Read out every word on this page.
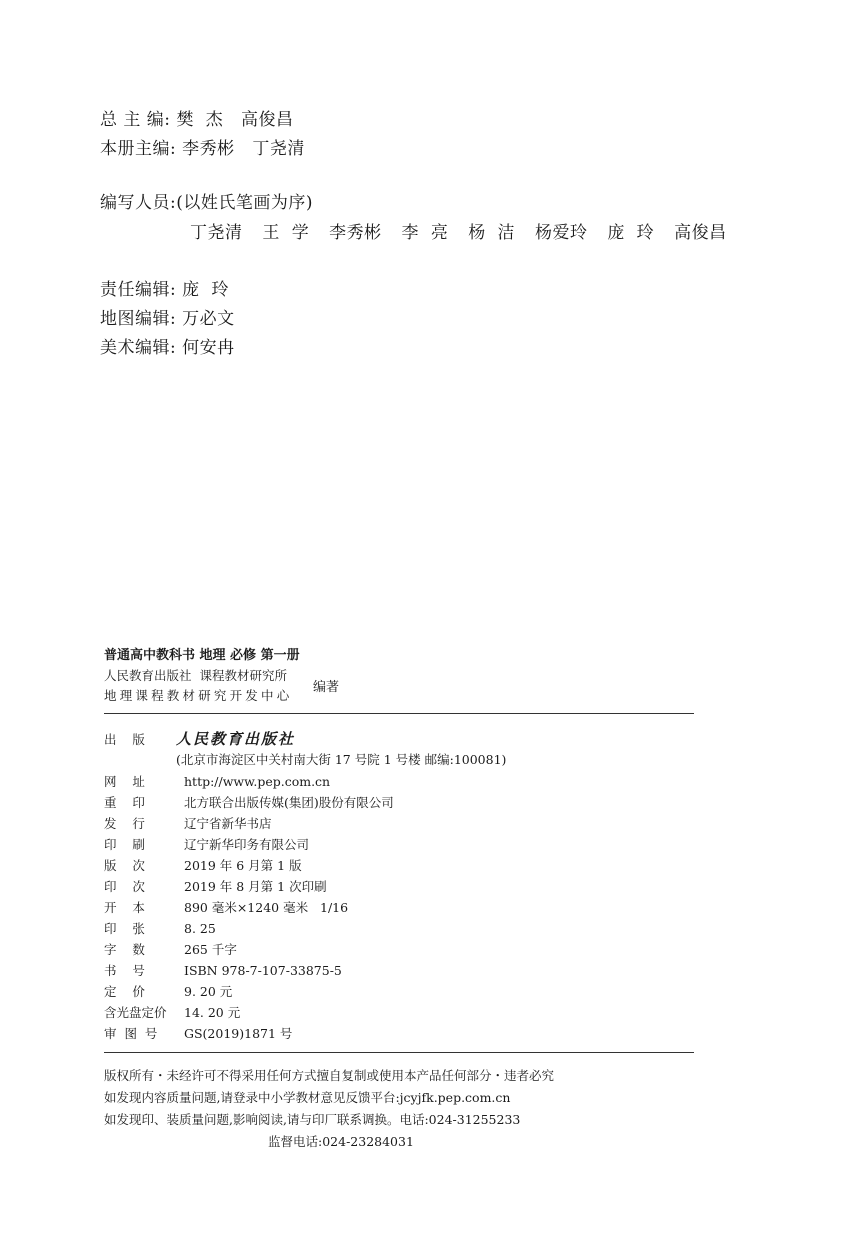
总 主 编: 樊  杰   高俊昌
本册主编: 李秀彬   丁尧清
编写人员:(以姓氏笔画为序)
丁尧清 王  学 李秀彬 李  亮 杨  洁 杨爱玲 庞  玲 高俊昌
责任编辑: 庞  玲
地图编辑: 万必文
美术编辑: 何安冉
普通高中教科书 地理 必修 第一册
人民教育出版社  课程教材研究所
地理课程教材研究开发中心
编著
出    版 人民教育出版社
(北京市海淀区中关村南大街 17 号院 1 号楼 邮编:100081)
网    址	http://www.pep.com.cn
重    印	北方联合出版传媒(集团)股份有限公司
发    行	辽宁省新华书店
印    刷	辽宁新华印务有限公司
版    次	2019 年 6 月第 1 版
印    次	2019 年 8 月第 1 次印刷
开    本	890 毫米×1240 毫米   1/16
印    张	8. 25
字    数	265 千字
书    号	ISBN 978-7-107-33875-5
定    价	9. 20 元
含光盘定价 14. 20 元
审  图  号 GS(2019)1871 号
版权所有・未经许可不得采用任何方式擅自复制或使用本产品任何部分・违者必究
如发现内容质量问题,请登录中小学教材意见反馈平台:jcyjfk.pep.com.cn
如发现印、装质量问题,影响阅读,请与印厂联系调换。电话:024-31255233
监督电话:024-23284031
